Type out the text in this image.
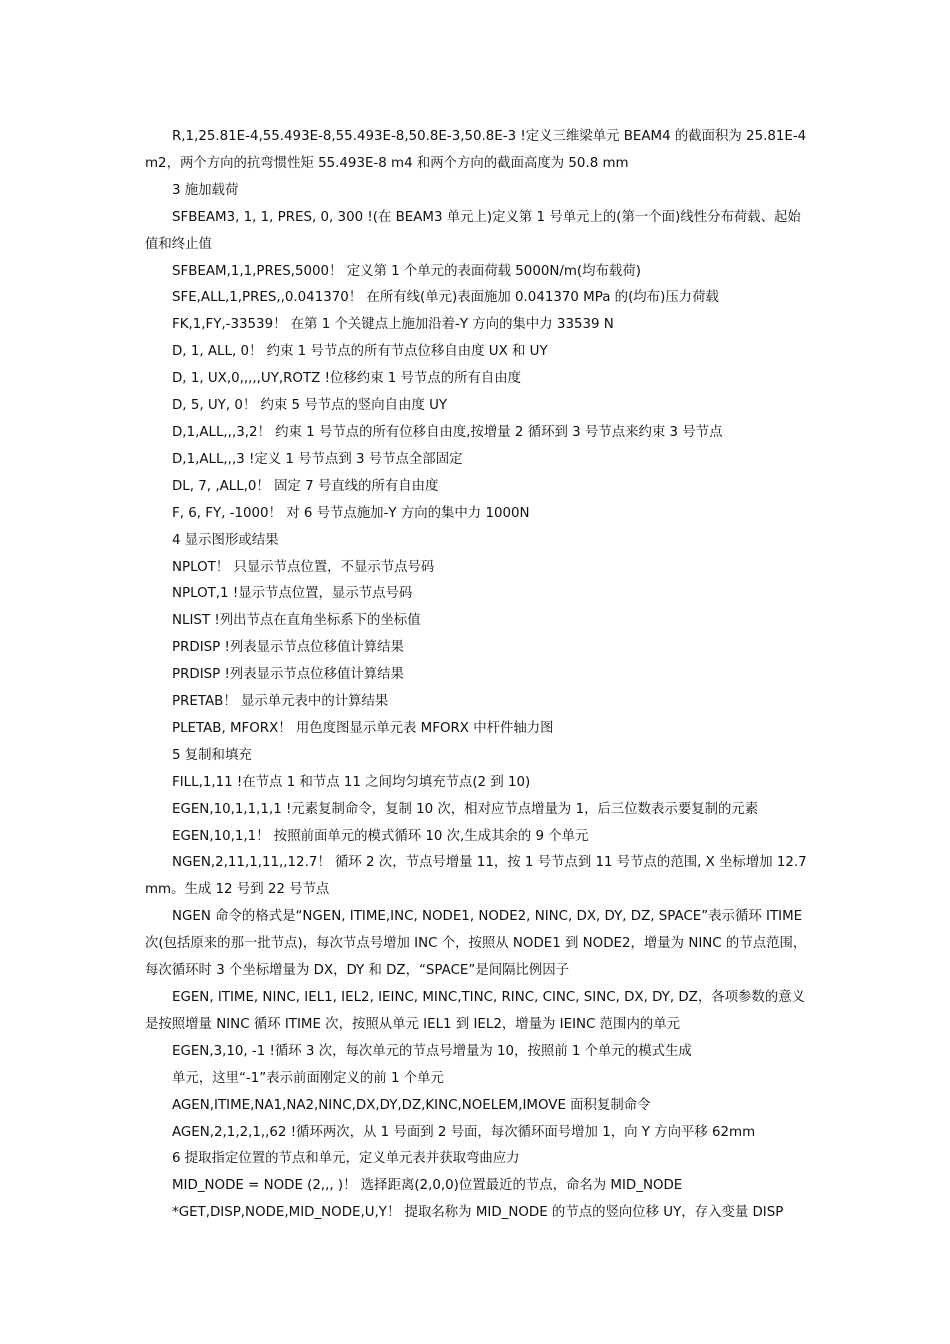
R,1,25.81E-4,55.493E-8,55.493E-8,50.8E-3,50.8E-3 !定义三维梁单元 BEAM4 的截面积为 25.81E-4 m2，两个方向的抗弯惯性矩 55.493E-8 m4 和两个方向的截面高度为 50.8 mm

3 施加载荷

SFBEAM3, 1, 1, PRES, 0, 300 !(在 BEAM3 单元上)定义第 1 号单元上的(第一个面)线性分布荷载、起始值和终止值

SFBEAM,1,1,PRES,5000！ 定义第 1 个单元的表面荷载 5000N/m(均布载荷)

SFE,ALL,1,PRES,,0.041370！ 在所有线(单元)表面施加 0.041370 MPa 的(均布)压力荷载

FK,1,FY,-33539！ 在第 1 个关键点上施加沿着-Y 方向的集中力 33539 N

D, 1, ALL, 0！ 约束 1 号节点的所有节点位移自由度 UX 和 UY

D, 1, UX,0,,,,,UY,ROTZ !位移约束 1 号节点的所有自由度

D, 5, UY, 0！ 约束 5 号节点的竖向自由度 UY

D,1,ALL,,,3,2！ 约束 1 号节点的所有位移自由度,按增量 2 循环到 3 号节点来约束 3 号节点

D,1,ALL,,,3 !定义 1 号节点到 3 号节点全部固定

DL, 7, ,ALL,0！ 固定 7 号直线的所有自由度

F, 6, FY, -1000！ 对 6 号节点施加-Y 方向的集中力 1000N

4 显示图形或结果

NPLOT！ 只显示节点位置，不显示节点号码

NPLOT,1 !显示节点位置，显示节点号码

NLIST !列出节点在直角坐标系下的坐标值

PRDISP !列表显示节点位移值计算结果

PRDISP !列表显示节点位移值计算结果

PRETAB！ 显示单元表中的计算结果

PLETAB, MFORX！ 用色度图显示单元表 MFORX 中杆件轴力图

5 复制和填充

FILL,1,11 !在节点 1 和节点 11 之间均匀填充节点(2 到 10)

EGEN,10,1,1,1,1 !元素复制命令，复制 10 次，相对应节点增量为 1，后三位数表示要复制的元素

EGEN,10,1,1！ 按照前面单元的模式循环 10 次,生成其余的 9 个单元

NGEN,2,11,1,11,,12.7！ 循环 2 次，节点号增量 11，按 1 号节点到 11 号节点的范围, X 坐标增加 12.7mm。生成 12 号到 22 号节点

NGEN 命令的格式是“NGEN, ITIME,INC, NODE1, NODE2, NINC, DX, DY, DZ, SPACE”表示循环 ITIME 次(包括原来的那一批节点)，每次节点号增加 INC 个，按照从 NODE1 到 NODE2，增量为 NINC 的节点范围，每次循环时 3 个坐标增量为 DX，DY 和 DZ，“SPACE”是间隔比例因子

EGEN, ITIME, NINC, IEL1, IEL2, IEINC, MINC,TINC, RINC, CINC, SINC, DX, DY, DZ，各项参数的意义是按照增量 NINC 循环 ITIME 次，按照从单元 IEL1 到 IEL2，增量为 IEINC 范围内的单元

EGEN,3,10, -1 !循环 3 次，每次单元的节点号增量为 10，按照前 1 个单元的模式生成

单元，这里“-1”表示前面刚定义的前 1 个单元

AGEN,ITIME,NA1,NA2,NINC,DX,DY,DZ,KINC,NOELEM,IMOVE 面积复制命令

AGEN,2,1,2,1,,62 !循环两次，从 1 号面到 2 号面，每次循环面号增加 1，向 Y 方向平移 62mm

6 提取指定位置的节点和单元，定义单元表并获取弯曲应力

MID_NODE = NODE (2,,, )！ 选择距离(2,0,0)位置最近的节点，命名为 MID_NODE

*GET,DISP,NODE,MID_NODE,U,Y！ 提取名称为 MID_NODE 的节点的竖向位移 UY，存入变量 DISP
